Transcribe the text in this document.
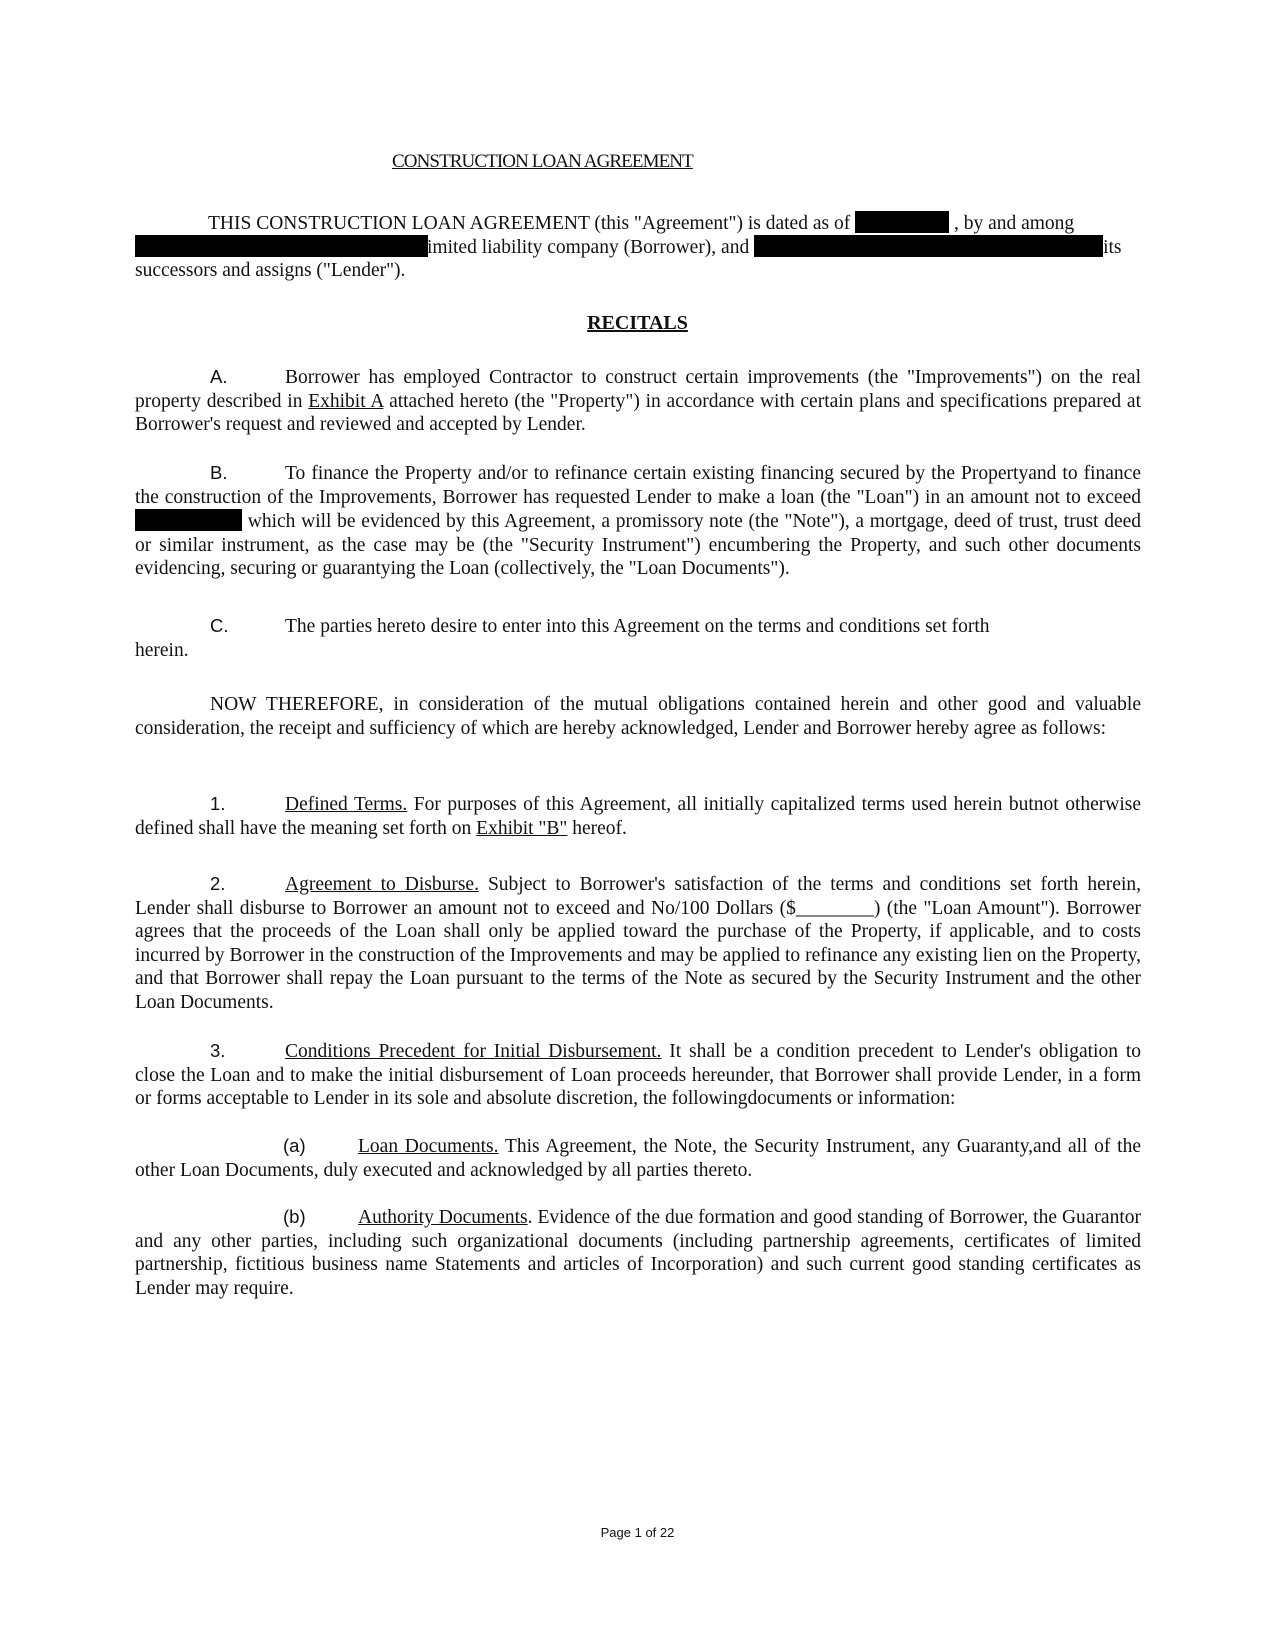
CONSTRUCTION LOAN AGREEMENT
THIS CONSTRUCTION LOAN AGREEMENT (this "Agreement") is dated as of	, by and among
imited liability company (Borrower), and	its
successors and assigns ("Lender").
RECITALS
A.	Borrower has employed Contractor to construct certain improvements (the "Improvements") on the real property described in Exhibit A attached hereto (the "Property") in accordance with certain plans and specifications prepared at Borrower's request and reviewed and accepted by Lender.
B.	To finance the Property and/or to refinance certain existing financing secured by the Propertyand to finance the construction of the Improvements, Borrower has requested Lender to make a loan (the "Loan") in an amount not to exceed  which will be evidenced by this Agreement, a promissory note (the "Note"), a mortgage, deed of trust, trust deed or similar instrument, as the case may be (the "Security Instrument") encumbering the Property, and such other documents evidencing, securing or guarantying the Loan (collectively, the "Loan Documents").
C.	The parties hereto desire to enter into this Agreement on the terms and conditions set forth
herein.
NOW THEREFORE, in consideration of the mutual obligations contained herein and other good and valuable consideration, the receipt and sufficiency of which are hereby acknowledged, Lender and Borrower hereby agree as follows:
1.	Defined Terms. For purposes of this Agreement, all initially capitalized terms used herein butnot otherwise defined shall have the meaning set forth on Exhibit "B" hereof.
2.	Agreement to Disburse. Subject to Borrower's satisfaction of the terms and conditions set forth herein, Lender shall disburse to Borrower an amount not to exceed and No/100 Dollars ($________) (the "Loan Amount"). Borrower agrees that the proceeds of the Loan shall only be applied toward the purchase of the Property, if applicable, and to costs incurred by Borrower in the construction of the Improvements and may be applied to refinance any existing lien on the Property, and that Borrower shall repay the Loan pursuant to the terms of the Note as secured by the Security Instrument and the other Loan Documents.
3.	Conditions Precedent for Initial Disbursement. It shall be a condition precedent to Lender's obligation to close the Loan and to make the initial disbursement of Loan proceeds hereunder, that Borrower shall provide Lender, in a form or forms acceptable to Lender in its sole and absolute discretion, the followingdocuments or information:
(a)	Loan Documents. This Agreement, the Note, the Security Instrument, any Guaranty,and all of the other Loan Documents, duly executed and acknowledged by all parties thereto.
(b)	Authority Documents. Evidence of the due formation and good standing of Borrower, the Guarantor and any other parties, including such organizational documents (including partnership agreements, certificates of limited partnership, fictitious business name Statements and articles of Incorporation) and such current good standing certificates as Lender may require.
Page 1 of 22
